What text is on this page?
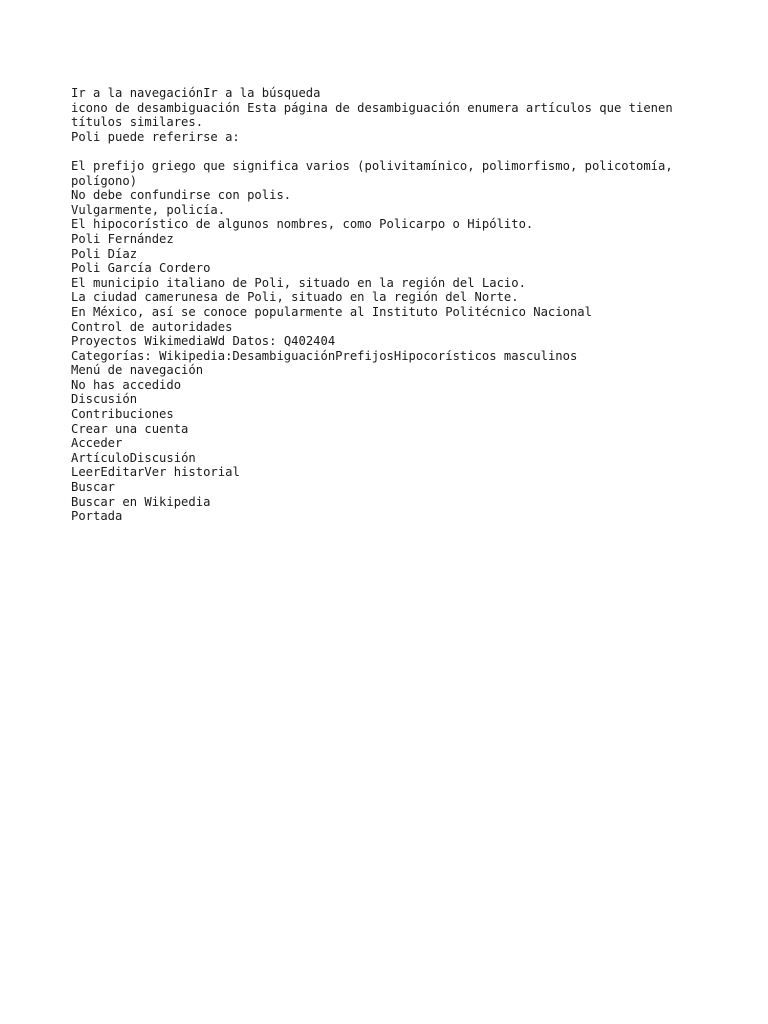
Ir a la navegaciónIr a la búsqueda
icono de desambiguación Esta página de desambiguación enumera artículos que tienen títulos similares.
Poli puede referirse a:
El prefijo griego que significa varios (polivitamínico, polimorfismo, policotomía, polígono)
No debe confundirse con polis.
Vulgarmente, policía.
El hipocorístico de algunos nombres, como Policarpo o Hipólito.
Poli Fernández
Poli Díaz
Poli García Cordero
El municipio italiano de Poli, situado en la región del Lacio.
La ciudad camerunesa de Poli, situado en la región del Norte.
En México, así se conoce popularmente al Instituto Politécnico Nacional
Control de autoridades
Proyectos WikimediaWd Datos: Q402404
Categorías: Wikipedia:DesambiguaciónPrefijosHipocorísticos masculinos
Menú de navegación
No has accedido
Discusión
Contribuciones
Crear una cuenta
Acceder
ArtículoDiscusión
LeerEditarVer historial
Buscar
Buscar en Wikipedia
Portada
